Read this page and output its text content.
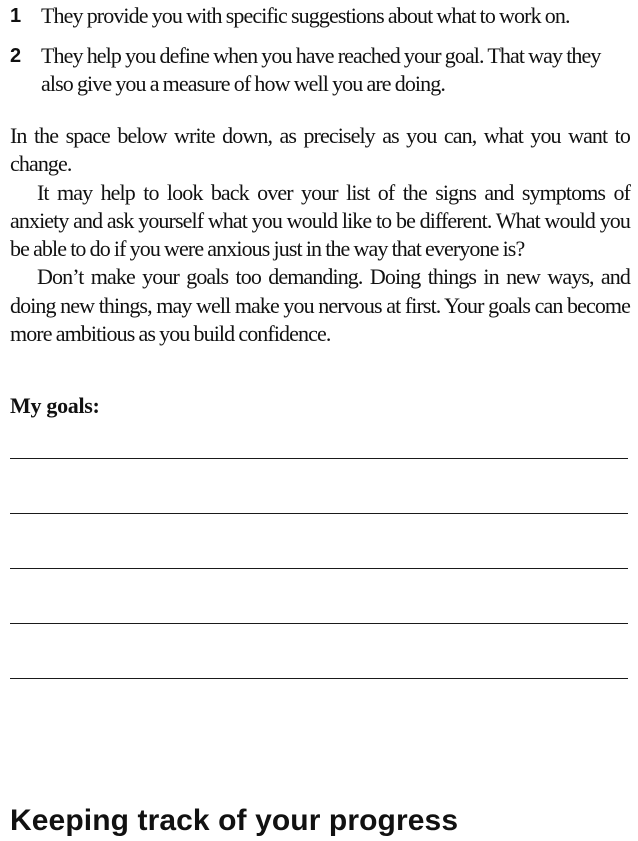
1 They provide you with specific suggestions about what to work on.
2 They help you define when you have reached your goal. That way they also give you a measure of how well you are doing.

In the space below write down, as precisely as you can, what you want to change.

It may help to look back over your list of the signs and symptoms of anxiety and ask yourself what you would like to be different. What would you be able to do if you were anxious just in the way that everyone is?

Don’t make your goals too demanding. Doing things in new ways, and doing new things, may well make you nervous at first. Your goals can become more ambitious as you build confidence.

My goals:
Keeping track of your progress
